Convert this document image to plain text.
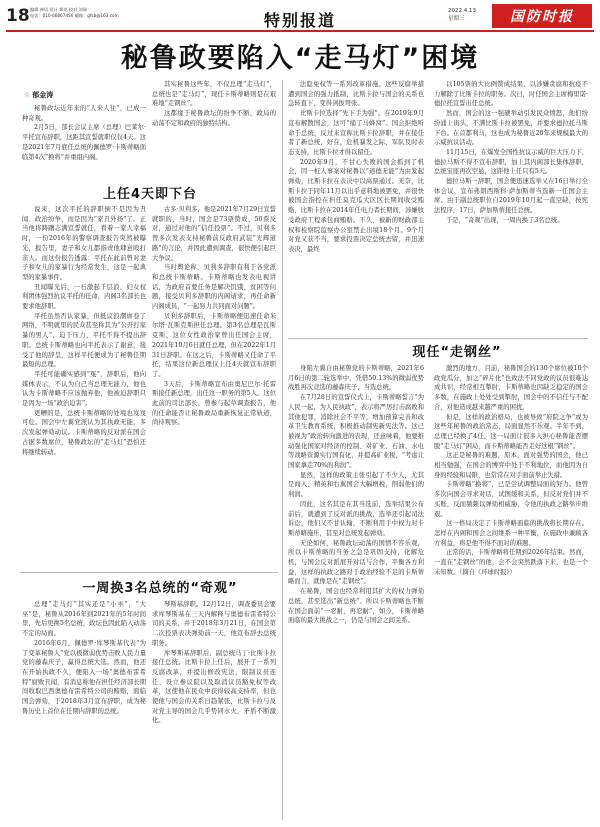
18 编辑 禅语 设计 郑亮 校对 刘瑞
电话：010-66867456 邮箱：gfsb@163.com	特别报道	2022.4.13
星期三	国防时报
秘鲁政要陷入“走马灯”困境
☆ 郁金涛

秘鲁政坛近年来的“人来人往”，已成一种奇观。

2月5日，部长会议主席（总理）巴莱尔·平托宣布辞职，这距其宣誓就职仅仅4天。这是2021年7月底任总统的佩德罗·卡斯蒂略面临第4次“换将”并重组内阁。

其实秘鲁这些年，不仅总理“走马灯”，总统也是“走马灯”，现任卡斯蒂略则是在艰难地“走钢丝”。

这都缘于秘鲁政坛的纷争不断，政局的动荡不定和政府的独特结构。

法隐免权等一系列改革措施。这些反腐举措遭到国会的强力抵制，比斯卡拉与国会的关系也急转直下，变得剑拔弩张。

比斯卡拉选择“先下手为强”。在2019年9月宣布解散国会，这可“捅了马蜂窝”。国会拒绝听命于总统，反过来宣称比斯卡拉辞职，并在接任者了新总统，好在，危机暴发之际，军队及时表态支持，比斯卡拉才得以留任。

2020年9月，不甘心失败的国会抓到了机会，因一桩人事案对秘鲁以“道德无能”为由发起弹劾，比斯卡拉在表决中以高票通过。无奈，比斯卡拉于同年11月以出乎意料地被罢免，并很快被国会指控在担任莫克瓜大区区长期间收受贿赂，比斯卡拉在2014年任电力者长期间，涉嫌收受政府工程承包商贿赂。不久，被新的财政部主权和检察院监察办公室禁止出境18个月。9个月对党又获不当，要求投票决定总统去留，并迅速表决，最终

以105票的大比例赞成结果，以涉嫌贪腐和抗疫不力解除了比斯卡拉的职务。次日，时任国会主席梅里诺·德拉托宣誓出任总统。

然而，国会的这一强硬举动引发民众愤怒，他们纷纷涌上街头，不满比斯卡拉被罢免，并要求德拉托马斯下台。在首都利马，这也成为秘鲁近20年来规模最大的示威抗议活动。

11月15日，在爆发全国性抗议示威的巨大压力下，德拉马斯不得不宣布辞职，加上其内阁部长集体辞职，总统宝座再次空悬，这距他上任只有5天。

德拉马斯一辞职，国会便迅速选举又在16日举行全体会议，宣布弗朗西斯科·萨加斯蒂当选新一任国会主席。由于副总统职位自2019年10月起一直空缺，按宪法程序，17日，萨加斯蒂接任总统。

于是，“奇观”出现，一周内换了3名总统。

上任4天即下台

说来，这次平托的辞职倒不是因为丑闻、政治纷争，而是因为“家丑外扬”了。正当他将踌躇志满宣誓就任，看着一家人幸福时，一份2016年的警察调查报告突然被曝光，报告里，妻子和女儿都指责他肆意殴打亲人。而这份报告透露：平托在此前曾对妻子和女儿的家暴行为经常发生，这是一起典型的家暴事件。

丑闻曝光后，一石激起千层浪，妇女权利团体强烈抗议平托的任命，内阁3名部长也要求他辞职。

平托虽然否认家暴，但抵议浪潮席卷了网络，不明就里的民众甚至称其为“公开打家暴的男人”，迫于压力，平托不得不提出辞职。总统卡斯蒂略也向平托表示了谢意，接受了他的辞呈，这样平托便成为了秘鲁任期最短的总理。

平托可能确实感到“冤”，辞职后，他向媒体表示，不认为自己当总理无能力，他也认为卡斯蒂略不应该抛弃他，他被迫辞职只是因为一场“政治迫害”。

更糟的是，总统卡斯蒂略的处境也岌岌可危。国会中左翼党派认为其执政无能，多次发起弹劾动议。卡斯蒂略的反对派在国会占据多数席位，秘鲁政坛的“走马灯”恐怕还将继续转动。

古多·贝利多，他是2021年7月29日宣誓就职的，当时，国会是73票赞成、50票反对，通过对他的“信任投票”。不过，贝利多曾多次发表支持秘鲁前反政府武装“光辉道路”的言论，并因此遭到调查，很快便引起巨大争议。

当时舆论称，贝利多辞职有利于各党派和总统卡斯蒂略。卡斯蒂略也发表电视讲话，为政府首要任务是解决饥饿、贫困等问题，接受贝利多辞职的内阁请求，再任命新内阁成员，“一起努力共同面对问题”。

贝利多辞职后，卡斯蒂略便迅速任命米尔塔·瓦斯克斯担任总理。第3名总理是瓦斯克斯，这位女性政治家曾出任国会主席，2021年10月6日就任总理，但在2022年1月31日辞职。在这之后，卡斯蒂略又任命了平托，结果这位新总理仅上任4天就宣布辞职了。

3天后，卡斯蒂略宣布由奥尼巴尔·托雷斯接任新总理，出任这一职务的第5人。这位此前的司法部长，曾参与起草调查报告，他的任命能否让秘鲁政局重新恢复正常轨道，尚待观察。

现任“走钢丝”

身陷左翼自由秘鲁党的卡斯蒂略，2021年6月6日的第二轮选举中，凭借50.13%的微弱优势战胜再次竞选的藤森庆子，当选总统。

在7月28日的宣誓仪式上，卡斯蒂略誓言“为人民一起，为人民执政”，表示将严厉打击腐败和其他犯罪，消除社会不平等，增加预算完善和改革卫生教育系统，积极推动制宪新宪法等。这已被视为“政治转向激进的表现，还意味着，他要推动强化国家对经济的控制、对矿业、石油、水电等战略资源实行国有化，并提高矿业税，“考虑让国家拿走70%的利润”。

显然，这样的政策主张引起了不少人，尤其是商人、精英和右翼国会大幅增税，削弱他们的利润。

因此，这名其是在其当选前，选举结果公布前后，就遭到了反对派的挑战，选举还引起司法诉讼，他们又不甘认输，不断利用手中权力对卡斯蒂略施压，甚至对总统发起弹劾。

无论如何，秘鲁政坛动荡的国情不容乐观，所以卡斯蒂略的当务之急是巩固支持，化解危机，与国会反对派展开对话与合作，平衡各方利益，这样的执政之路对于政治经验不足的卡斯蒂略而言，就像是在“走钢丝”。

在秘鲁，国会也经常利用其扩大的权力弹劾总统，甚至选出“新总统”。所以卡斯蒂略也不断在国会面前“一忍耐，再忍耐”，如今，卡斯蒂略面临的最大挑战之一，仍是与国会之间关系。

激烈的地方，目前，秘鲁国会的130个席位被10个政党瓜分，加之“碎片化”也致法不同党政的议员很难达成共识，经常相互掣肘，卡斯蒂略也因缺乏稳定的国会多数，在施政上处处受到掣肘，国会中的不信任与不配合，对他造成越来越严重的困扰。

但是，这样的政治格局，也被导致“府院之争”或为这些年秘鲁的政治常态，局面显然不乐观。半年不到，总理已经换了4任，这一局面让很多人担心秘鲁能否摆脱“走马灯”困局，而卡斯蒂略能否走好这根“钢丝”。

这正是秘鲁的难题，原本，面对强势的国会，他已相当勉强，在国会的博弈中处于不利地位，而他因为自身的经验和局限，也常常在对手面前举止失措。

卡斯蒂略“换将”，已是尝试调整局面的努力。他曾多次向国会寻求对话，试图缓和关系，但反对党们并不买账，反而频频以弹劾相威胁，令他的执政之路举步维艰。

这一格局决定了卡斯蒂略面临的挑战将长期存在。怎样在内阁和国会之间维系一种平衡，在施政中兼顾各方利益，将是他不得不面对的难题。

正常的话，卡斯蒂略将任期到2026年结束。然而，一直在“走钢丝”的他，会不会突然跌落下来，也是一个未知数。（摘自《环球时报》）

一周换3名总统的“奇观”

总理“走马灯”其实还是“小巫”，“大巫”是，秘鲁从2016年到2021年的5年时间里，先后更换5名总统，政坛也因此陷入动荡不定的局面。

2016年6月，佩德罗·库琴斯基代表“为了变革秘鲁人”党以极微弱优势击败人民力量党的藤森庆子，赢得总统大选。然而，他还在开始执政不久，便陷入一场“奥德布雷希特”腐败丑闻，有消息称他在担任经济部长期间收取巴西奥德布雷希特公司的贿赂，面临国会弹劾，于2018年3月宣布辞职，成为秘鲁历史上首位在任期内辞职的总统。

琴斯基辞职。12月12日，调查委员会要求库琴斯基在三天内解释与奥德布雷希特公司的关系，并于2018年3月21日，在国会第二次投票表决弹劾前一天，他宣布辞去总统职务。

库琴斯基辞职后，副总统马丁·比斯卡拉接任总统。比斯卡拉上任后，展开了一系列反腐改革，并提出修改宪法，限制议员连任、设立参议院以及取消议员豁免权等改革，这使他在民众中获得较高支持率，但也使他与国会的关系日趋紧张，比斯卡拉与反对党主导的国会几乎势同水火，矛盾不断激化。
